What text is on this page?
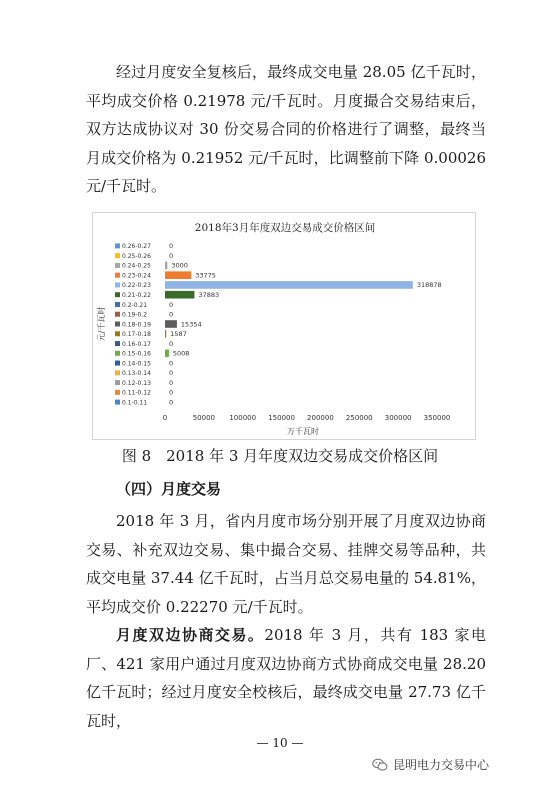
经过月度安全复核后，最终成交电量 28.05 亿千瓦时，平均成交价格 0.21978 元/千瓦时。月度撮合交易结束后，双方达成协议对 30 份交易合同的价格进行了调整，最终当月成交价格为 0.21952 元/千瓦时，比调整前下降 0.00026 元/千瓦时。

2018年3月年度双边交易成交价格区间
0.26-0.27	0
0.25-0.26	0
0.24-0.25	3000
0.23-0.24	33775
0.22-0.23	318878
0.21-0.22	37883
0.2-0.21	0
0.19-0.2	0
0.18-0.19	15354
0.17-0.18	1587
0.16-0.17	0
0.15-0.16	5008
0.14-0.15	0
0.13-0.14	0
0.12-0.13	0
0.11-0.12	0
0.1-0.11	0
元/千瓦时
0	50000 100000 150000 200000 250000 300000 350000
万千瓦时
图 8　2018 年 3 月年度双边交易成交价格区间
（四）月度交易

2018 年 3 月，省内月度市场分别开展了月度双边协商交易、补充双边交易、集中撮合交易、挂牌交易等品种，共成交电量 37.44 亿千瓦时，占当月总交易电量的 54.81%，平均成交价 0.22270 元/千瓦时。

月度双边协商交易。2018 年 3 月，共有 183 家电厂、421 家用户通过月度双边协商方式协商成交电量 28.20 亿千瓦时；经过月度安全校核后，最终成交电量 27.73 亿千瓦时，

— 10 —
昆明电力交易中心
